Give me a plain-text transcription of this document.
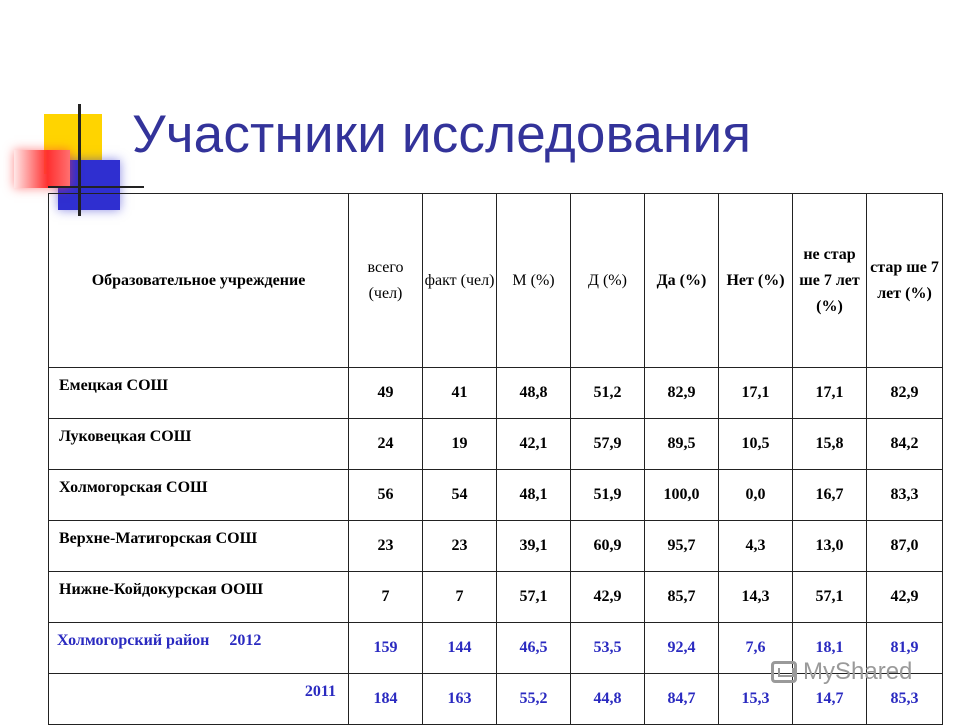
Участники исследования
Образовательное учреждение	всего (чел)	факт (чел)	М (%)	Д (%)	Да (%)	Нет (%)	не стар ше 7 лет (%)	стар ше 7 лет (%)
Емецкая СОШ	49	41	48,8	51,2	82,9	17,1	17,1	82,9
Луковецкая СОШ	24	19	42,1	57,9	89,5	10,5	15,8	84,2
Холмогорская СОШ	56	54	48,1	51,9	100,0	0,0	16,7	83,3
Верхне-Матигорская СОШ	23	23	39,1	60,9	95,7	4,3	13,0	87,0
Нижне-Койдокурская ООШ	7	7	57,1	42,9	85,7	14,3	57,1	42,9
Холмогорский район     2012	159	144	46,5	53,5	92,4	7,6	18,1	81,9
2011	184	163	55,2	44,8	84,7	15,3	14,7	85,3
MyShared
